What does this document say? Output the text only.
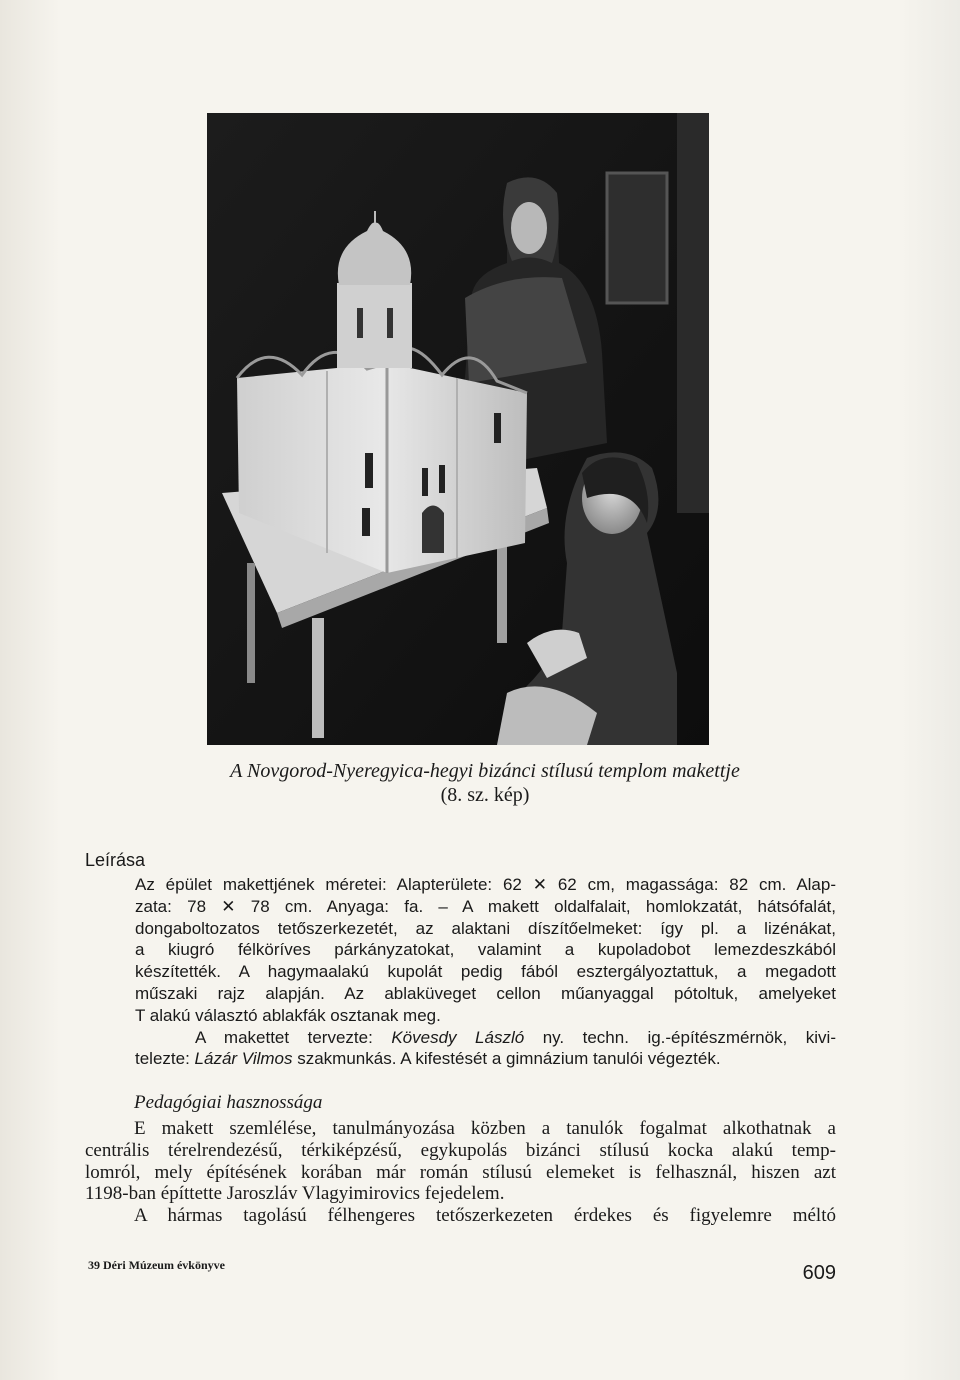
A Novgorod-Nyeregyica-hegyi bizánci stílusú templom makettje
(8. sz. kép)
Leírása
Az épület makettjének méretei: Alapterülete: 62 ✕ 62 cm, magassága: 82 cm. Alap-
zata: 78 ✕ 78 cm. Anyaga: fa. – A makett oldalfalait, homlokzatát, hátsófalát,
dongaboltozatos tetőszerkezetét, az alaktani díszítőelmeket: így pl. a lizénákat,
a kiugró félköríves párkányzatokat, valamint a kupoladobot lemezdeszkából
készítették. A hagymaalakú kupolát pedig fából esztergályoztattuk, a megadott
műszaki rajz alapján. Az ablaküveget cellon műanyaggal pótoltuk, amelyeket
T alakú választó ablakfák osztanak meg.
A makettet tervezte: Kövesdy László ny. techn. ig.-építészmérnök, kivi-
telezte: Lázár Vilmos szakmunkás. A kifestését a gimnázium tanulói végezték.
Pedagógiai hasznossága
E makett szemlélése, tanulmányozása közben a tanulók fogalmat alkothatnak a
centrális térelrendezésű, térkiképzésű, egykupolás bizánci stílusú kocka alakú temp-
lomról, mely építésének korában már román stílusú elemeket is felhasznál, hiszen azt
1198-ban építtette Jaroszláv Vlagyimirovics fejedelem.
A hármas tagolású félhengeres tetőszerkezeten érdekes és figyelemre méltó
39 Déri Múzeum évkönyve	609
